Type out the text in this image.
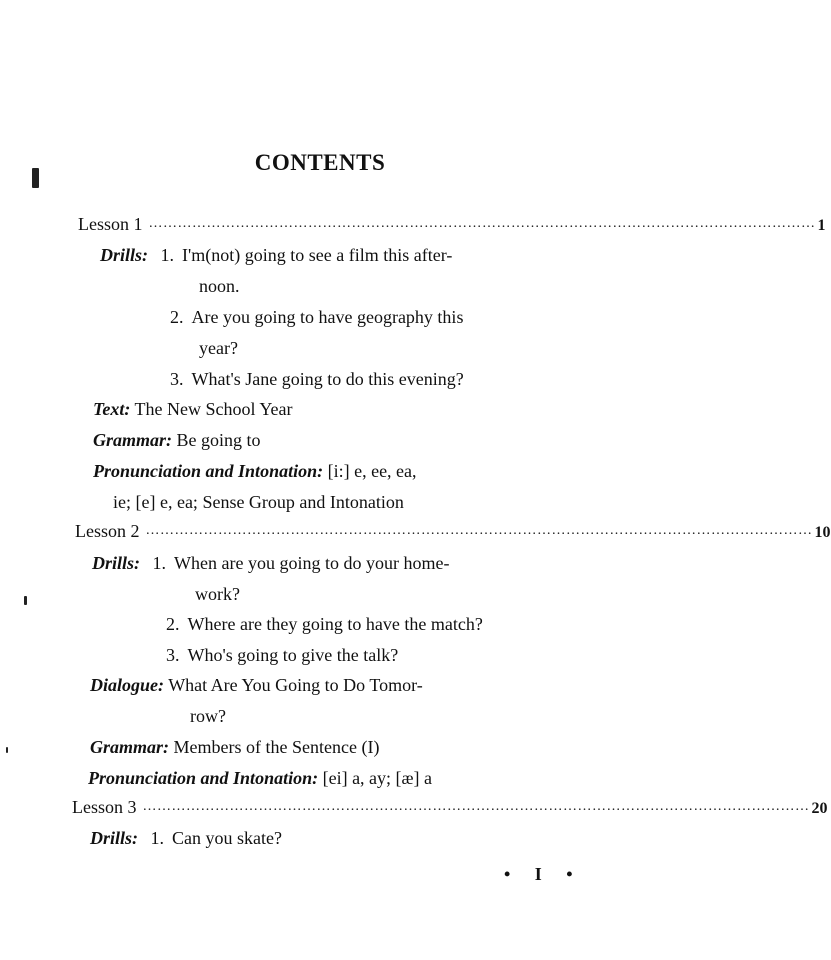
CONTENTS
Lesson 1 ………………………………………………………………………………………………………………………… 1
Drills: 1. I'm(not) going to see a film this after-
noon.
2. Are you going to have geography this
year?
3. What's Jane going to do this evening?
Text: The New School Year
Grammar: Be going to
Pronunciation and Intonation: [i:] e, ee, ea,
ie; [e] e, ea; Sense Group and Intonation
Lesson 2 ………………………………………………………………………………………………………………………… 10
Drills: 1. When are you going to do your home-
work?
2. Where are they going to have the match?
3. Who's going to give the talk?
Dialogue: What Are You Going to Do Tomor-
row?
Grammar: Members of the Sentence (I)
Pronunciation and Intonation: [ei] a, ay; [æ] a
Lesson 3 ………………………………………………………………………………………………………………………… 20
Drills: 1. Can you skate?
• I •
